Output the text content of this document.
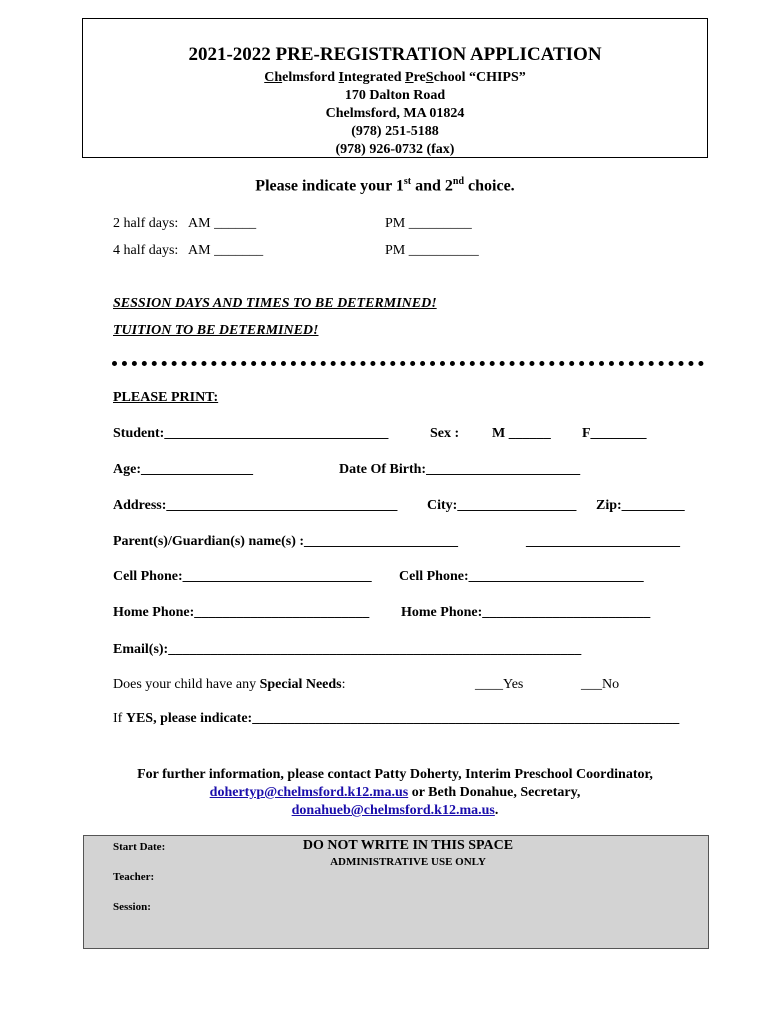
2021-2022 PRE-REGISTRATION APPLICATION
Chelmsford Integrated PreSchool “CHIPS”
170 Dalton Road
Chelmsford, MA 01824
(978) 251-5188
(978) 926-0732 (fax)
Please indicate your 1st and 2nd choice.
2 half days:   AM ______	PM _________
4 half days:   AM _______	PM __________
SESSION DAYS AND TIMES TO BE DETERMINED!
TUITION TO BE DETERMINED!
PLEASE PRINT:
Student:________________________________	Sex : M ______ F________
Age:________________	Date Of Birth:______________________
Address:_________________________________ City:_________________ Zip:_________
Parent(s)/Guardian(s) name(s) :______________________	______________________
Cell Phone:___________________________ Cell Phone:_________________________
Home Phone:_________________________ Home Phone:________________________
Email(s):___________________________________________________________
Does your child have any Special Needs:	____Yes	___No
If YES, please indicate:_____________________________________________________________
For further information, please contact Patty Doherty, Interim Preschool Coordinator,
dohertyp@chelmsford.k12.ma.us or Beth Donahue, Secretary,
donahueb@chelmsford.k12.ma.us.
DO NOT WRITE IN THIS SPACE
ADMINISTRATIVE USE ONLY
Start Date:
Teacher:
Session:
